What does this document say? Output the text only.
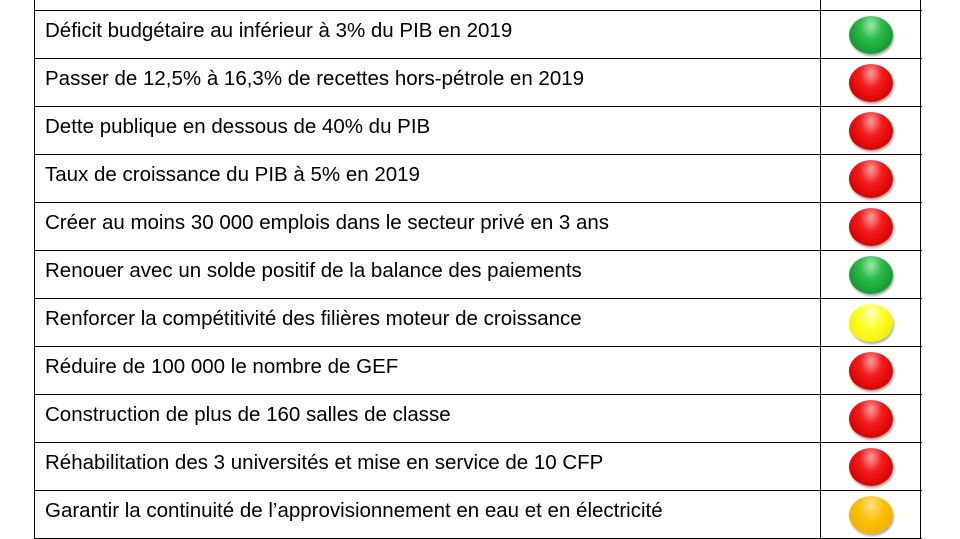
Déficit budgétaire au inférieur à 3% du PIB en 2019
Passer de 12,5% à 16,3% de recettes hors-pétrole en 2019
Dette publique en dessous de 40% du PIB
Taux de croissance du PIB à 5% en 2019
Créer au moins 30 000 emplois dans le secteur privé en 3 ans
Renouer avec un solde positif de la balance des paiements
Renforcer la compétitivité des filières moteur de croissance
Réduire de 100 000 le nombre de GEF
Construction de plus de 160 salles de classe
Réhabilitation des 3 universités et mise en service de 10 CFP
Garantir la continuité de l’approvisionnement en eau et en électricité
